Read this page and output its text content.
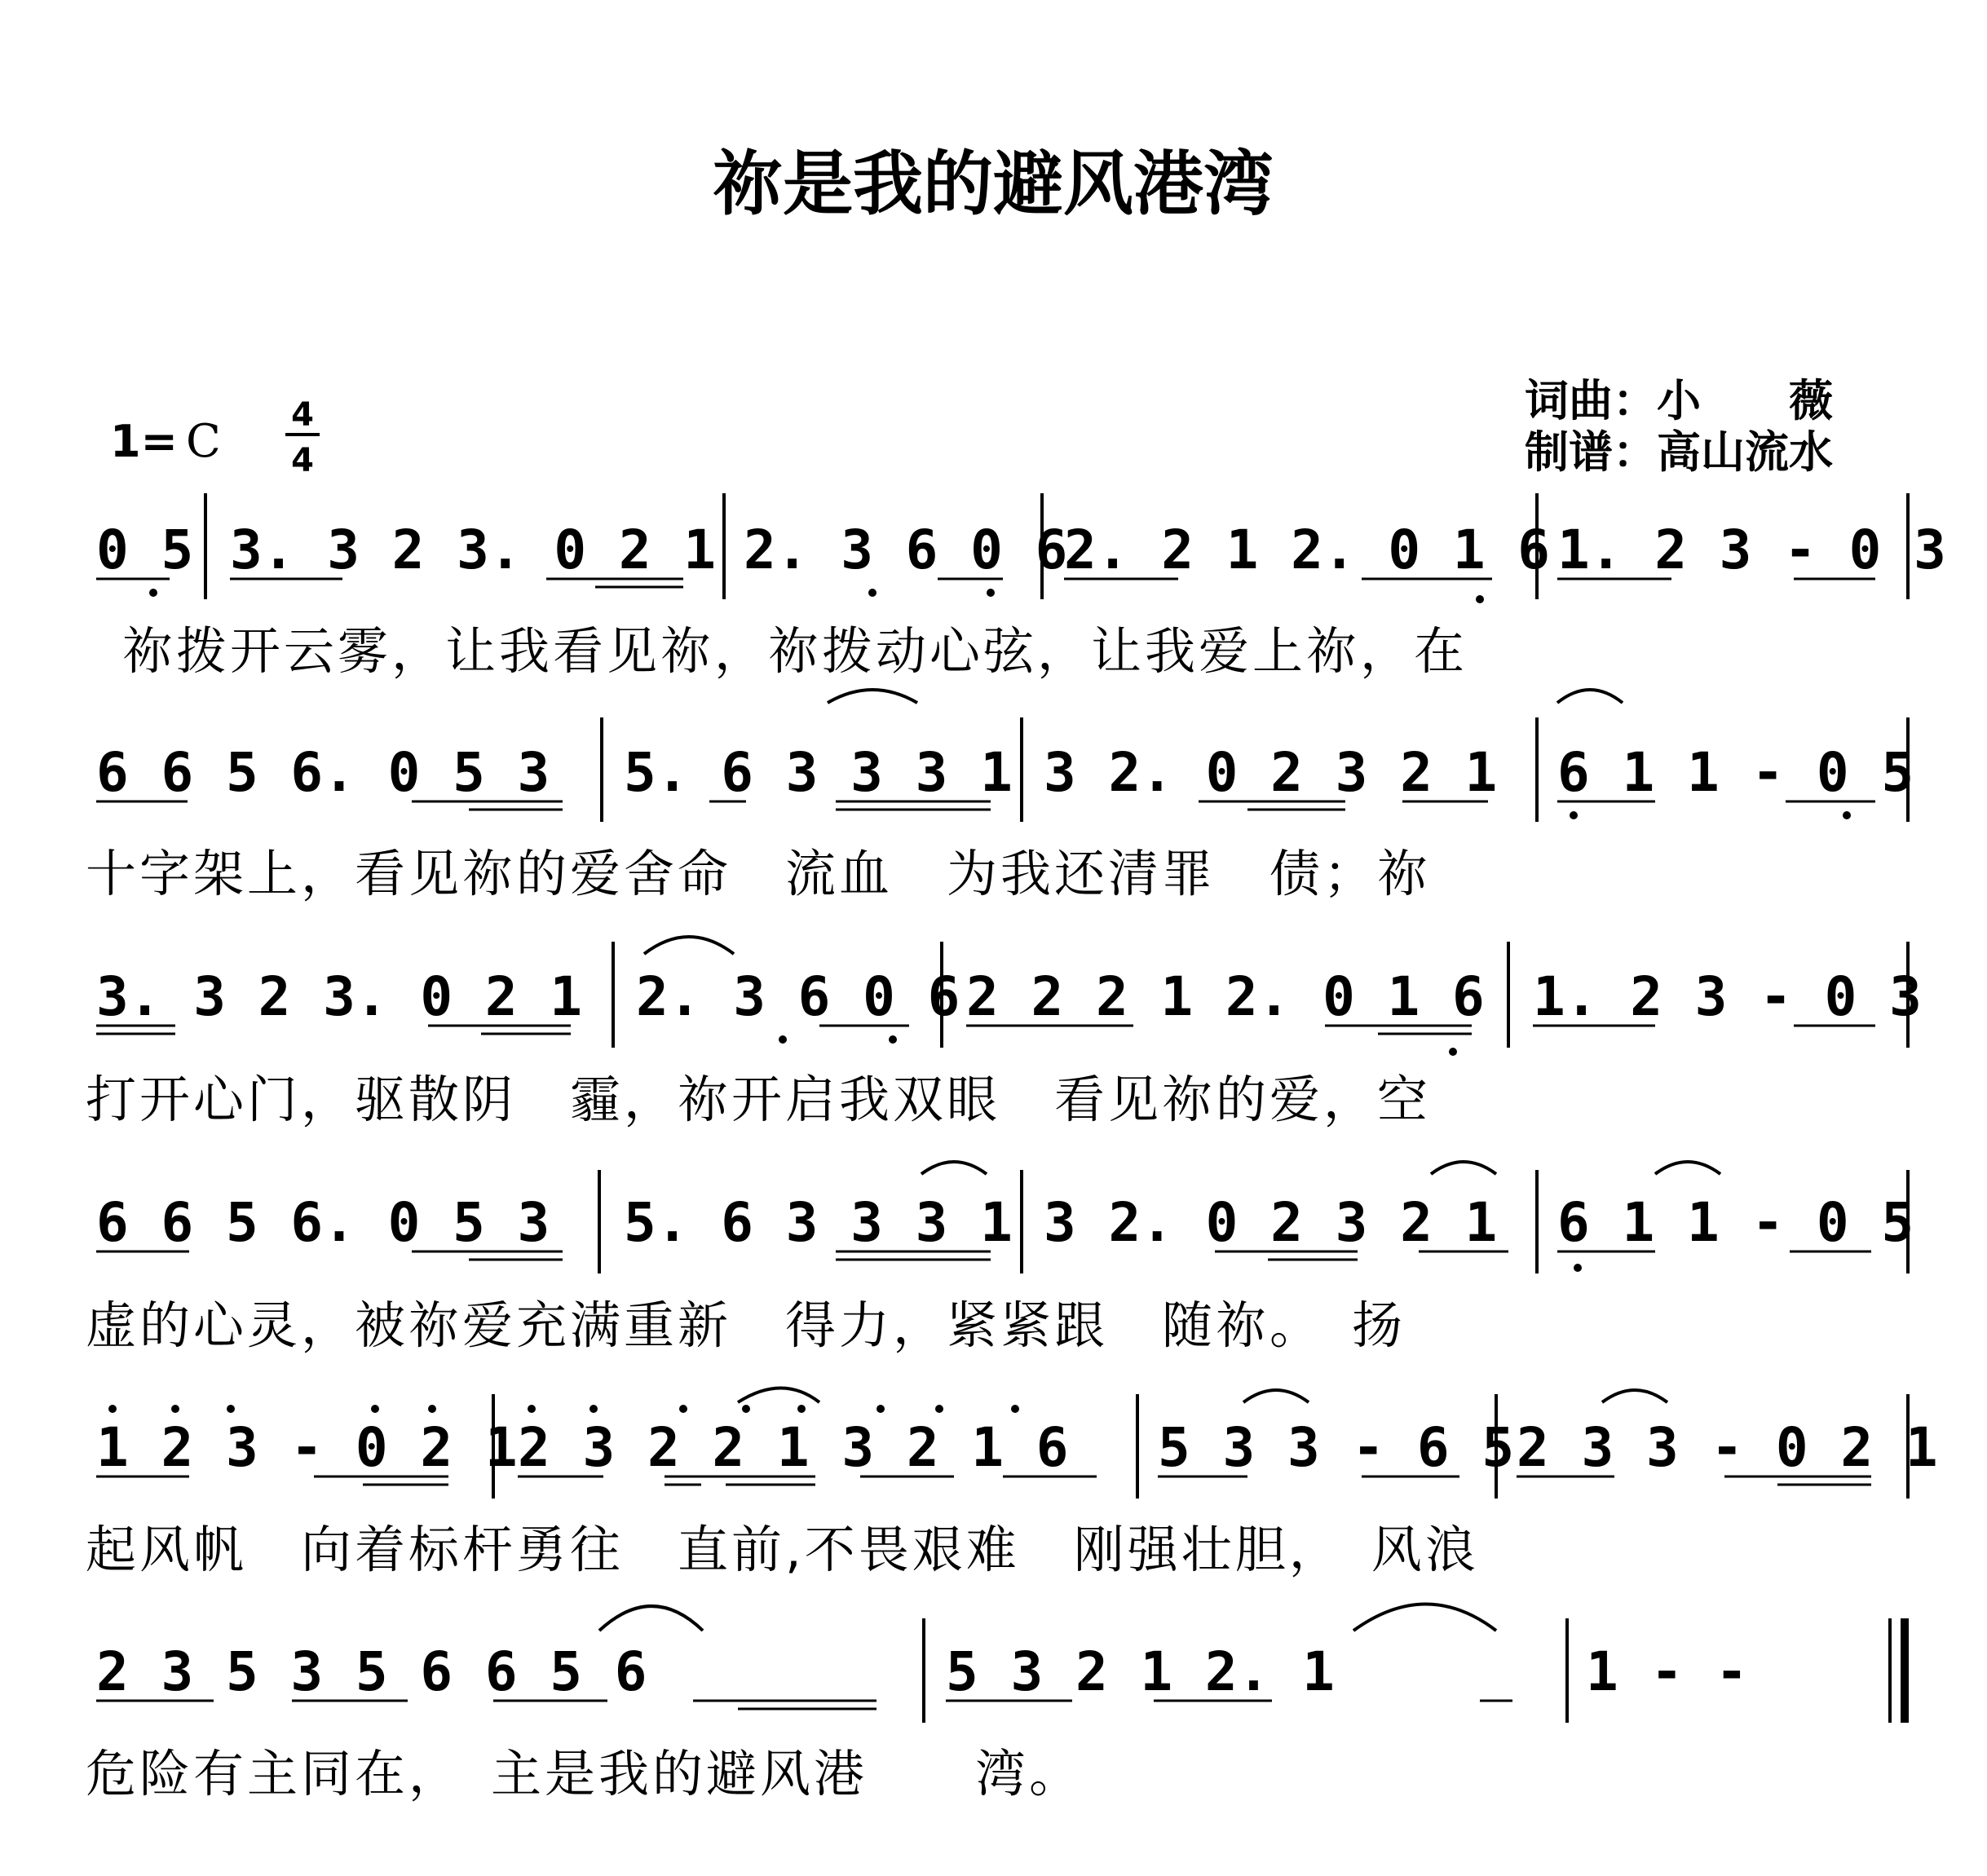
祢是我的避风港湾
词曲：小　　薇
制谱：高山流水
1= C 4
4
0 5 3. 3 2 3. 0 2 1 2. 3 6 0 6
2. 2 1 2. 0 1 6 1. 2 3 - 0 3
祢拨开云雾，让我看见祢，祢拨动心弦，让我爱上祢，在
6 6 5 6. 0 5 3 5. 6 3 3 3 1 3 2. 0 2 3 2 1 6 1 1 - 0 5
十字架上，看见祢的爱舍命　流血　为我还清罪　债；祢
3. 3 2 3. 0 2 1 2. 3 6 0 6 2 2 2 1 2. 0 1 6 1. 2 3 - 0 3
打开心门，驱散阴　霾，祢开启我双眼　看见祢的爱，空
6 6 5 6. 0 5 3 5. 6 3 3 3 1 3 2. 0 2 3 2 1 6 1 1 - 0 5
虚的心灵，被祢爱充满重新　得力，紧紧跟　随祢。　扬
1 2 3 - 0 2 1 2 3 2 2 1 3 2 1 6 5 3 3 - 6 5 2 3 3 - 0 2 1
起风帆　向着标杆勇往　直前,不畏艰难　刚强壮胆，　风浪
2 3 5 3 5 6 6 5 6	5 3 2 1 2. 1	1 - -
危险有主同在，　主是我的避风港　　湾。
